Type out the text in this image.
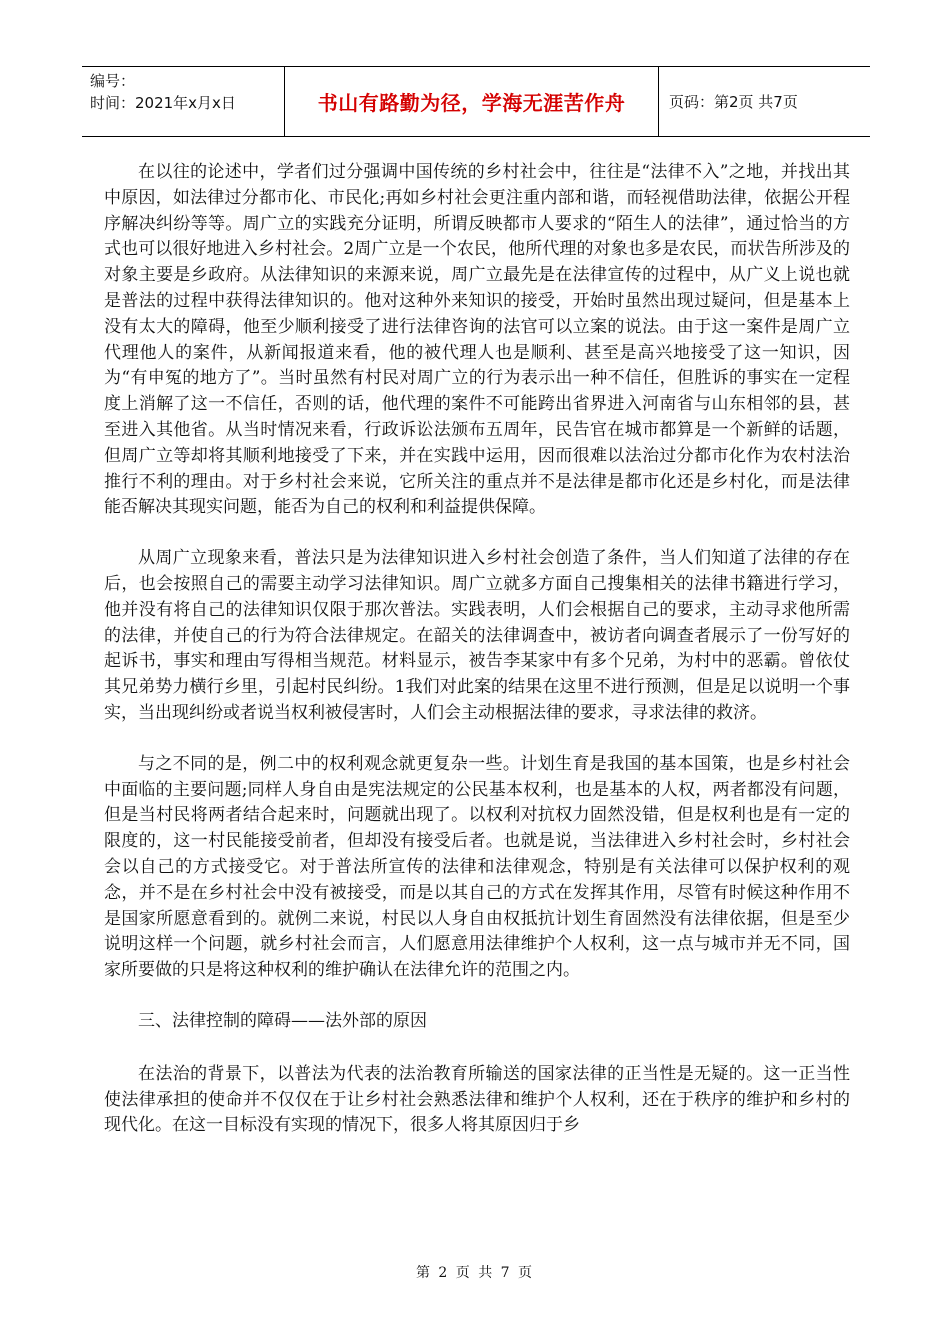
编号：
时间：2021年x月x日	书山有路勤为径，学海无涯苦作舟	页码：第2页 共7页

在以往的论述中，学者们过分强调中国传统的乡村社会中，往往是“法律不入”之地，并找出其中原因，如法律过分都市化、市民化;再如乡村社会更注重内部和谐，而轻视借助法律，依据公开程序解决纠纷等等。周广立的实践充分证明，所谓反映都市人要求的“陌生人的法律”，通过恰当的方式也可以很好地进入乡村社会。2周广立是一个农民，他所代理的对象也多是农民，而状告所涉及的对象主要是乡政府。从法律知识的来源来说，周广立最先是在法律宣传的过程中，从广义上说也就是普法的过程中获得法律知识的。他对这种外来知识的接受，开始时虽然出现过疑问，但是基本上没有太大的障碍，他至少顺利接受了进行法律咨询的法官可以立案的说法。由于这一案件是周广立代理他人的案件，从新闻报道来看，他的被代理人也是顺利、甚至是高兴地接受了这一知识，因为“有申冤的地方了”。当时虽然有村民对周广立的行为表示出一种不信任，但胜诉的事实在一定程度上消解了这一不信任，否则的话，他代理的案件不可能跨出省界进入河南省与山东相邻的县，甚至进入其他省。从当时情况来看，行政诉讼法颁布五周年，民告官在城市都算是一个新鲜的话题，但周广立等却将其顺利地接受了下来，并在实践中运用，因而很难以法治过分都市化作为农村法治推行不利的理由。对于乡村社会来说，它所关注的重点并不是法律是都市化还是乡村化，而是法律能否解决其现实问题，能否为自己的权利和利益提供保障。

从周广立现象来看，普法只是为法律知识进入乡村社会创造了条件，当人们知道了法律的存在后，也会按照自己的需要主动学习法律知识。周广立就多方面自己搜集相关的法律书籍进行学习，他并没有将自己的法律知识仅限于那次普法。实践表明，人们会根据自己的要求，主动寻求他所需的法律，并使自己的行为符合法律规定。在韶关的法律调查中，被访者向调查者展示了一份写好的起诉书，事实和理由写得相当规范。材料显示，被告李某家中有多个兄弟，为村中的恶霸。曾依仗其兄弟势力横行乡里，引起村民纠纷。1我们对此案的结果在这里不进行预测，但是足以说明一个事实，当出现纠纷或者说当权利被侵害时，人们会主动根据法律的要求，寻求法律的救济。

与之不同的是，例二中的权利观念就更复杂一些。计划生育是我国的基本国策，也是乡村社会中面临的主要问题;同样人身自由是宪法规定的公民基本权利，也是基本的人权，两者都没有问题，但是当村民将两者结合起来时，问题就出现了。以权利对抗权力固然没错，但是权利也是有一定的限度的，这一村民能接受前者，但却没有接受后者。也就是说，当法律进入乡村社会时，乡村社会会以自己的方式接受它。对于普法所宣传的法律和法律观念，特别是有关法律可以保护权利的观念，并不是在乡村社会中没有被接受，而是以其自己的方式在发挥其作用，尽管有时候这种作用不是国家所愿意看到的。就例二来说，村民以人身自由权抵抗计划生育固然没有法律依据，但是至少说明这样一个问题，就乡村社会而言，人们愿意用法律维护个人权利，这一点与城市并无不同，国家所要做的只是将这种权利的维护确认在法律允许的范围之内。

三、法律控制的障碍——法外部的原因

在法治的背景下，以普法为代表的法治教育所输送的国家法律的正当性是无疑的。这一正当性使法律承担的使命并不仅仅在于让乡村社会熟悉法律和维护个人权利，还在于秩序的维护和乡村的现代化。在这一目标没有实现的情况下，很多人将其原因归于乡

第 2 页 共 7 页
